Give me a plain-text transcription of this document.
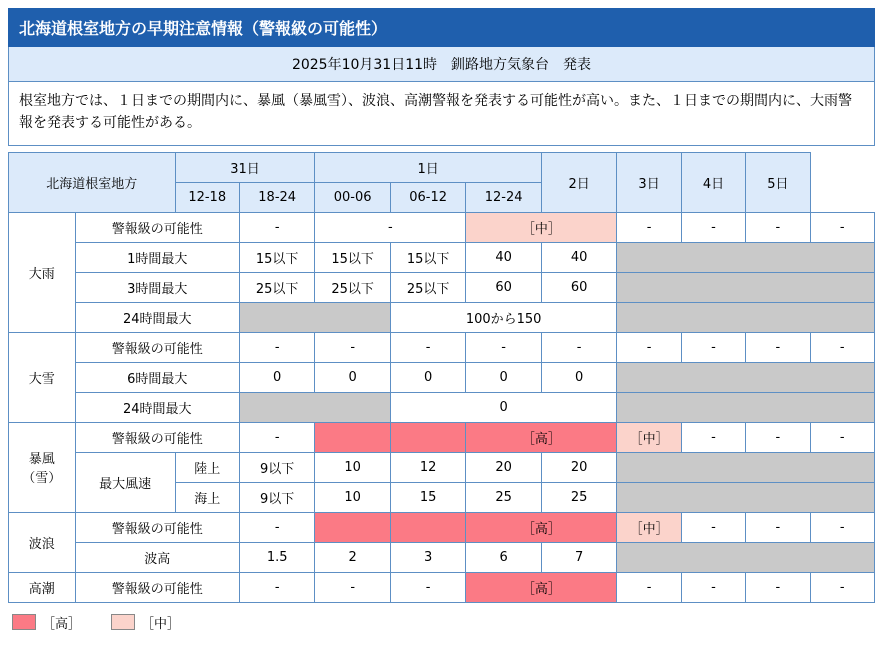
北海道根室地方の早期注意情報（警報級の可能性）
2025年10月31日11時　釧路地方気象台　発表
根室地方では、１日までの期間内に、暴風（暴風雪）、波浪、高潮警報を発表する可能性が高い。また、１日までの期間内に、大雨警報を発表する可能性がある。
北海道根室地方		31日		1日			2日	3日	4日	5日	
		12-18	18-24	00-06	06-12	12-24					
大雨	警報級の可能性		-	-		［中］		-	-	-	-
	1時間最大		15以下	15以下	15以下	40	40				
	3時間最大		25以下	25以下	25以下	60	60				
	24時間最大				100から150						
大雪	警報級の可能性		-	-	-	-	-	-	-	-	-
	6時間最大		0	0	0	0	0				
	24時間最大				0						
暴風
（雪）	警報級の可能性		-			［高］		［中］	-	-	-
	最大風速	陸上	9以下	10	12	20	20				
		海上	9以下	10	15	25	25				
波浪	警報級の可能性		-			［高］		［中］	-	-	-
	波高		1.5	2	3	6	7				
高潮	警報級の可能性		-	-	-	［高］		-	-	-	-
［高］	［中］
